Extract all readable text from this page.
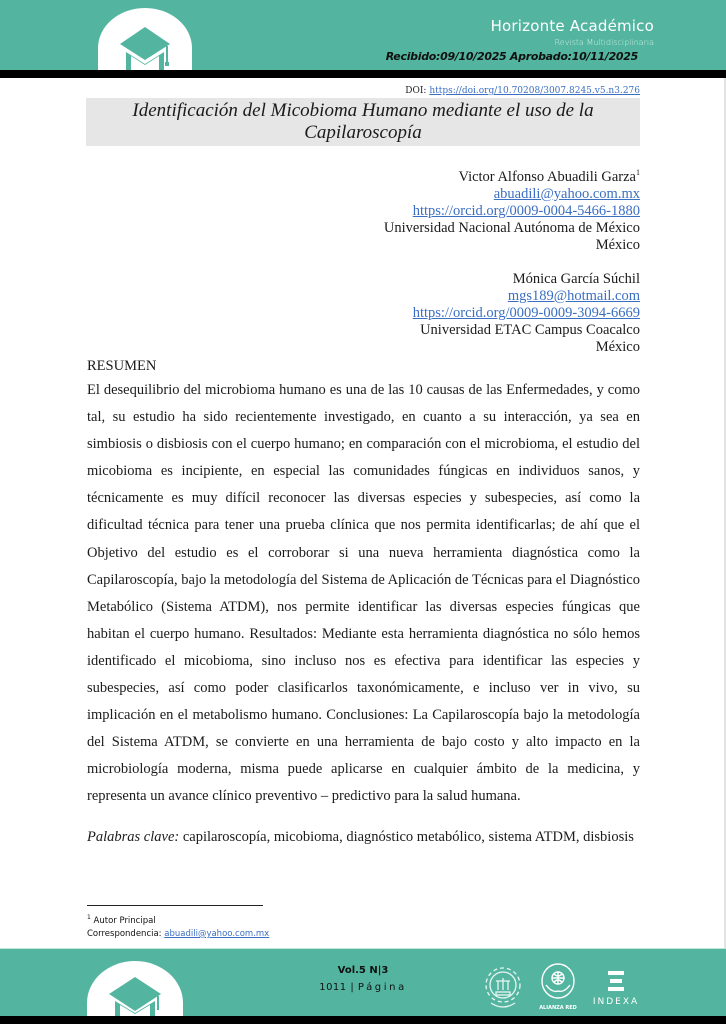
Horizonte Académico
Revista Multidisciplinaria
Recibido:09/10/2025 Aprobado:10/11/2025
DOI: https://doi.org/10.70208/3007.8245.v5.n3.276
Identificación del Micobioma Humano mediante el uso de la Capilaroscopía
Victor Alfonso Abuadili Garza$^1$
abuadili@yahoo.com.mx
https://orcid.org/0009-0004-5466-1880
Universidad Nacional Autónoma de México
México
Mónica García Súchil
mgs189@hotmail.com
https://orcid.org/0009-0009-3094-6669
Universidad ETAC Campus Coacalco
México
RESUMEN
El desequilibrio del microbioma humano es una de las 10 causas de las Enfermedades, y como tal, su estudio ha sido recientemente investigado, en cuanto a su interacción, ya sea en simbiosis o disbiosis con el cuerpo humano; en comparación con el microbioma, el estudio del micobioma es incipiente, en especial las comunidades fúngicas en individuos sanos, y técnicamente es muy difícil reconocer las diversas especies y subespecies, así como la dificultad técnica para tener una prueba clínica que nos permita identificarlas; de ahí que el Objetivo del estudio es el corroborar si una nueva herramienta diagnóstica como la Capilaroscopía, bajo la metodología del Sistema de Aplicación de Técnicas para el Diagnóstico Metabólico (Sistema ATDM), nos permite identificar las diversas especies fúngicas que habitan el cuerpo humano. Resultados: Mediante esta herramienta diagnóstica no sólo hemos identificado el micobioma, sino incluso nos es efectiva para identificar las especies y subespecies, así como poder clasificarlos taxonómicamente, e incluso ver in vivo, su implicación en el metabolismo humano. Conclusiones: La Capilaroscopía bajo la metodología del Sistema ATDM, se convierte en una herramienta de bajo costo y alto impacto en la microbiología moderna, misma puede aplicarse en cualquier ámbito de la medicina, y representa un avance clínico preventivo – predictivo para la salud humana.
Palabras clave: capilaroscopía, micobioma, diagnóstico metabólico, sistema ATDM, disbiosis
$^1$ Autor Principal
Correspondencia: abuadili@yahoo.com.mx
Vol.5 N|3
1011 | Página
ALIANZA RED
INDEXA
